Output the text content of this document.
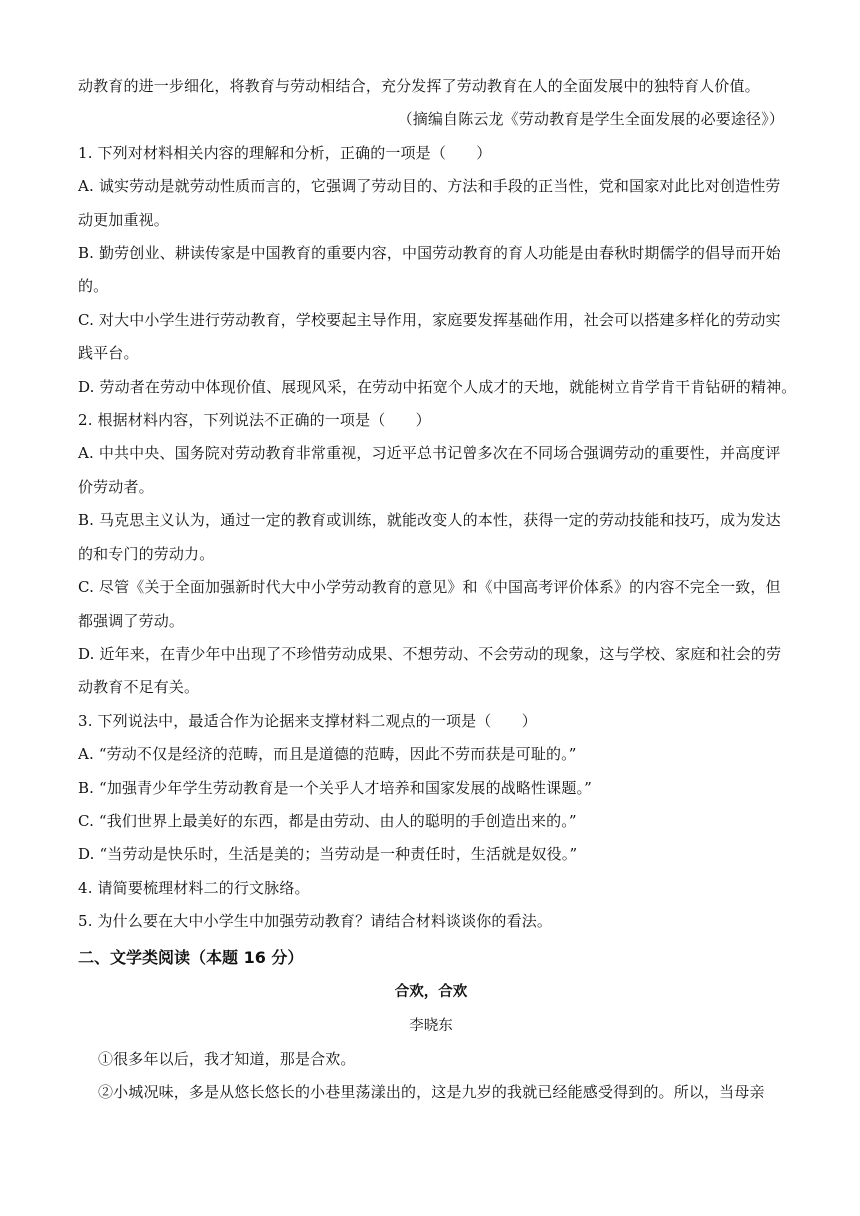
动教育的进一步细化，将教育与劳动相结合，充分发挥了劳动教育在人的全面发展中的独特育人价值。
（摘编自陈云龙《劳动教育是学生全面发展的必要途径》）
1. 下列对材料相关内容的理解和分析，正确的一项是（　　）
A. 诚实劳动是就劳动性质而言的，它强调了劳动目的、方法和手段的正当性，党和国家对此比对创造性劳
动更加重视。
B. 勤劳创业、耕读传家是中国教育的重要内容，中国劳动教育的育人功能是由春秋时期儒学的倡导而开始
的。
C. 对大中小学生进行劳动教育，学校要起主导作用，家庭要发挥基础作用，社会可以搭建多样化的劳动实
践平台。
D. 劳动者在劳动中体现价值、展现风采，在劳动中拓宽个人成才的天地，就能树立肯学肯干肯钻研的精神。
2. 根据材料内容，下列说法不正确的一项是（　　）
A. 中共中央、国务院对劳动教育非常重视，习近平总书记曾多次在不同场合强调劳动的重要性，并高度评
价劳动者。
B. 马克思主义认为，通过一定的教育或训练，就能改变人的本性，获得一定的劳动技能和技巧，成为发达
的和专门的劳动力。
C. 尽管《关于全面加强新时代大中小学劳动教育的意见》和《中国高考评价体系》的内容不完全一致，但
都强调了劳动。
D. 近年来，在青少年中出现了不珍惜劳动成果、不想劳动、不会劳动的现象，这与学校、家庭和社会的劳
动教育不足有关。
3. 下列说法中，最适合作为论据来支撑材料二观点的一项是（　　）
A. “劳动不仅是经济的范畴，而且是道德的范畴，因此不劳而获是可耻的。”
B. “加强青少年学生劳动教育是一个关乎人才培养和国家发展的战略性课题。”
C. “我们世界上最美好的东西，都是由劳动、由人的聪明的手创造出来的。”
D. “当劳动是快乐时，生活是美的；当劳动是一种责任时，生活就是奴役。”
4. 请简要梳理材料二的行文脉络。
5. 为什么要在大中小学生中加强劳动教育？请结合材料谈谈你的看法。
二、文学类阅读（本题 16 分）
合欢，合欢
李晓东
①很多年以后，我才知道，那是合欢。
②小城况味，多是从悠长悠长的小巷里荡漾出的，这是九岁的我就已经能感受得到的。所以，当母亲
